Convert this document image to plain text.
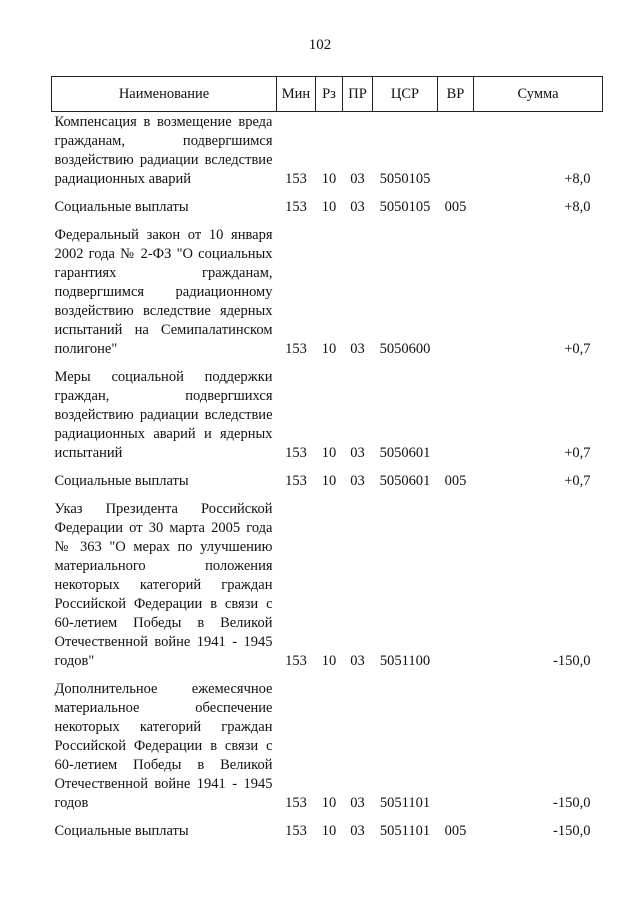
102
Наименование	Мин	Рз	ПР	ЦСР	ВР	Сумма
Компенсация в возмещение вреда гражданам, подвергшимся воздействию радиации вследствие радиационных аварий	153	10	03	5050105		+8,0
Социальные выплаты	153	10	03	5050105	005	+8,0
Федеральный закон от 10 января 2002 года № 2-ФЗ "О социальных гарантиях гражданам, подвергшимся радиационному воздействию вследствие ядерных испытаний на Семипалатинском полигоне"	153	10	03	5050600		+0,7
Меры социальной поддержки граждан, подвергшихся воздействию радиации вследствие радиационных аварий и ядерных испытаний	153	10	03	5050601		+0,7
Социальные выплаты	153	10	03	5050601	005	+0,7
Указ Президента Российской Федерации от 30 марта 2005 года № 363 "О мерах по улучшению материального положения некоторых категорий граждан Российской Федерации в связи с 60-летием Победы в Великой Отечественной войне 1941 - 1945 годов"	153	10	03	5051100		-150,0
Дополнительное ежемесячное материальное обеспечение некоторых категорий граждан Российской Федерации в связи с 60-летием Победы в Великой Отечественной войне 1941 - 1945 годов	153	10	03	5051101		-150,0
Социальные выплаты	153	10	03	5051101	005	-150,0
